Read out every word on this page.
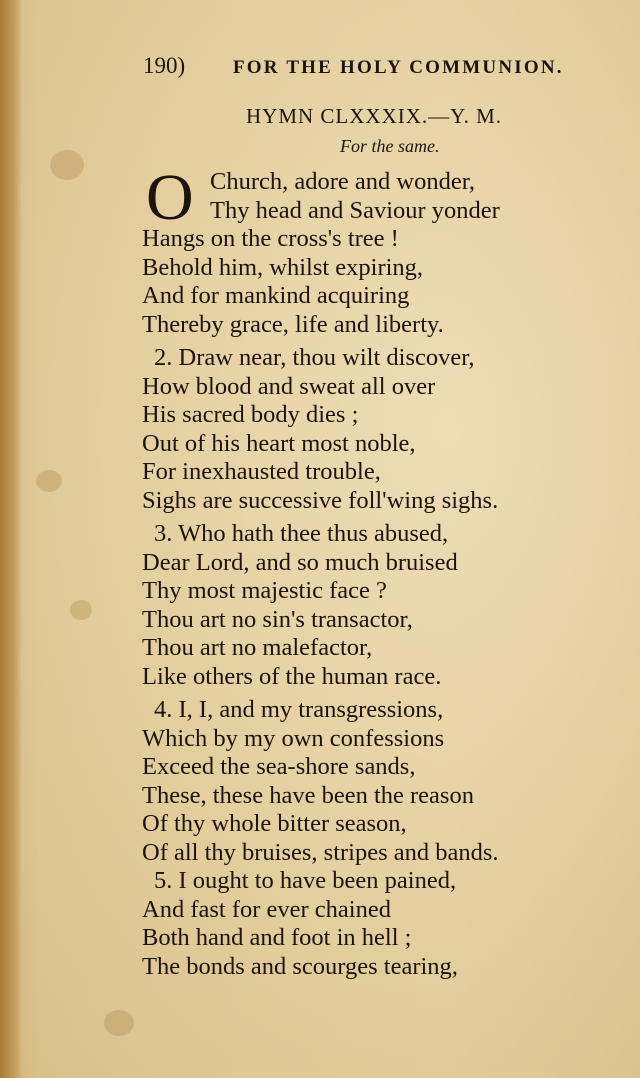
190)	FOR THE HOLY COMMUNION.
HYMN CLXXXIX.—Y. M.
For the same.
O Church, adore and wonder,
Thy head and Saviour yonder
Hangs on the cross's tree !
Behold him, whilst expiring,
And for mankind acquiring
Thereby grace, life and liberty.
2. Draw near, thou wilt discover,
How blood and sweat all over
His sacred body dies ;
Out of his heart most noble,
For inexhausted trouble,
Sighs are successive foll'wing sighs.
3. Who hath thee thus abused,
Dear Lord, and so much bruised
Thy most majestic face ?
Thou art no sin's transactor,
Thou art no malefactor,
Like others of the human race.
4. I, I, and my transgressions,
Which by my own confessions
Exceed the sea-shore sands,
These, these have been the reason
Of thy whole bitter season,
Of all thy bruises, stripes and bands.
5. I ought to have been pained,
And fast for ever chained
Both hand and foot in hell ;
The bonds and scourges tearing,
